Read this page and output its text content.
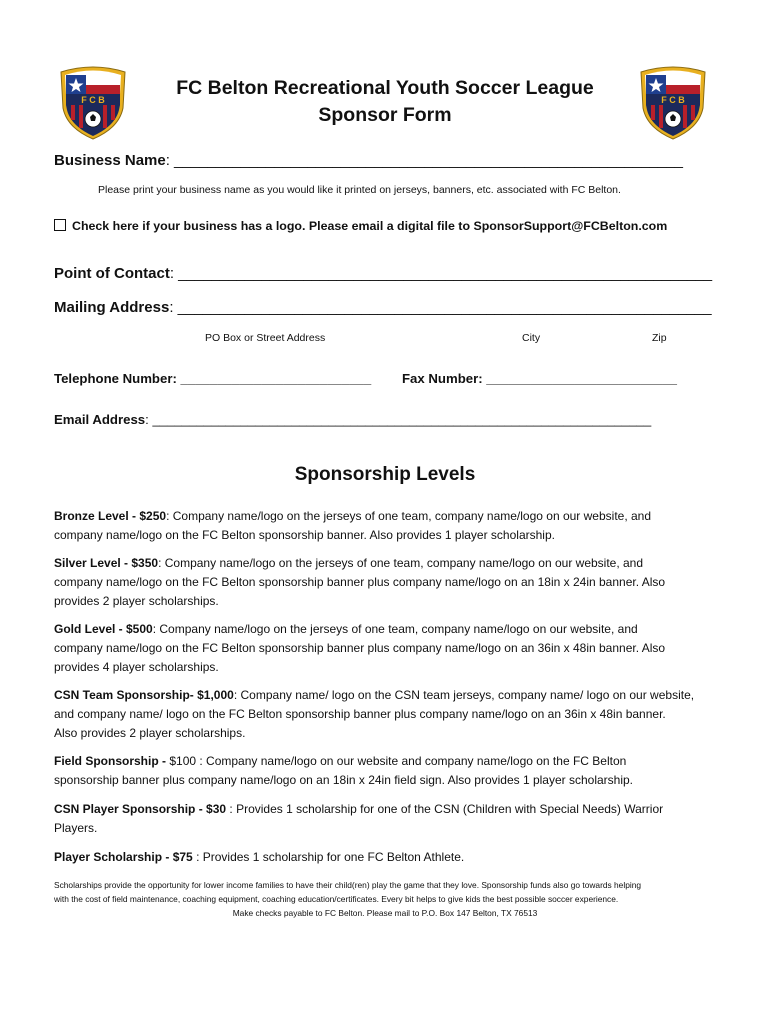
F C B	F C B
FC Belton Recreational Youth Soccer League
Sponsor Form
Business Name: _____________________________________________________________
Please print your business name as you would like it printed on jerseys, banners, etc. associated with FC Belton.
Check here if your business has a logo. Please email a digital file to SponsorSupport@FCBelton.com
Point of Contact: ________________________________________________________________
Mailing Address: ________________________________________________________________
PO Box or Street Address	City	Zip
Telephone Number: __________________________ Fax Number: __________________________
Email Address: ____________________________________________________________________
Sponsorship Levels
Bronze Level - $250: Company name/logo on the jerseys of one team, company name/logo on our website, and
company name/logo on the FC Belton sponsorship banner. Also provides 1 player scholarship.
Silver Level - $350: Company name/logo on the jerseys of one team, company name/logo on our website, and
company name/logo on the FC Belton sponsorship banner plus company name/logo on an 18in x 24in banner. Also
provides 2 player scholarships.
Gold Level - $500: Company name/logo on the jerseys of one team, company name/logo on our website, and
company name/logo on the FC Belton sponsorship banner plus company name/logo on an 36in x 48in banner. Also
provides 4 player scholarships.
CSN Team Sponsorship- $1,000: Company name/ logo on the CSN team jerseys, company name/ logo on our website,
and company name/ logo on the FC Belton sponsorship banner plus company name/logo on an 36in x 48in banner.
Also provides 2 player scholarships.
Field Sponsorship - $100 : Company name/logo on our website and company name/logo on the FC Belton
sponsorship banner plus company name/logo on an 18in x 24in field sign. Also provides 1 player scholarship.
CSN Player Sponsorship - $30 : Provides 1 scholarship for one of the CSN (Children with Special Needs) Warrior
Players.
Player Scholarship - $75 : Provides 1 scholarship for one FC Belton Athlete.
Scholarships provide the opportunity for lower income families to have their child(ren) play the game that they love. Sponsorship funds also go towards helping
with the cost of field maintenance, coaching equipment, coaching education/certificates. Every bit helps to give kids the best possible soccer experience.
Make checks payable to FC Belton. Please mail to P.O. Box 147 Belton, TX 76513
